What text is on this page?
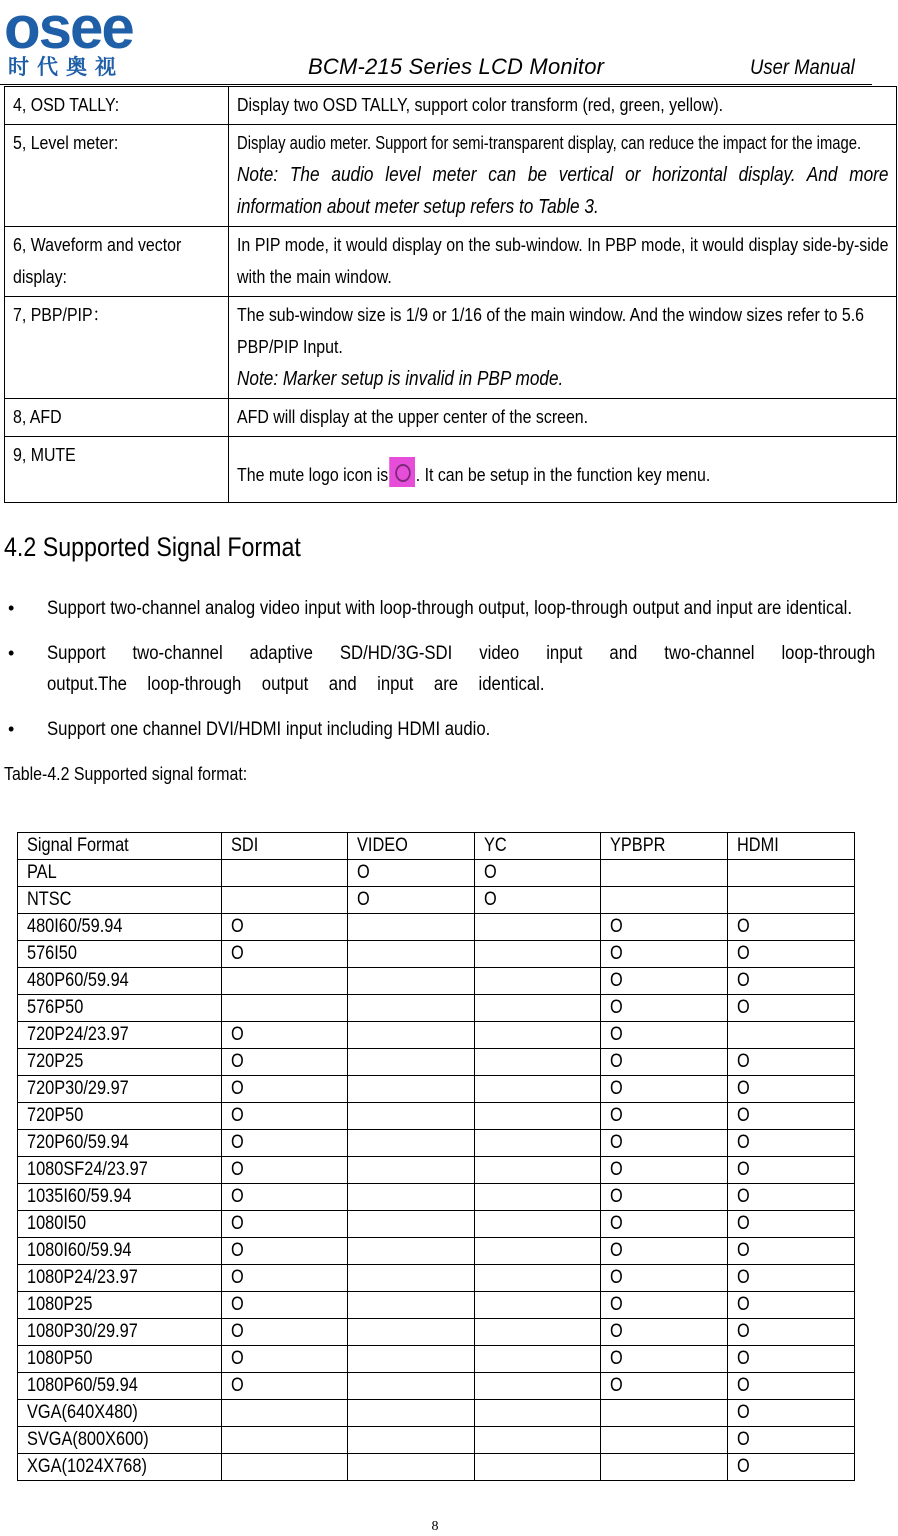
osee
时代奥视	BCM-215 Series LCD Monitor	User Manual
4, OSD TALLY:	Display two OSD TALLY, support color transform (red, green, yellow).
5, Level meter:	Display audio meter. Support for semi-transparent display, can reduce the impact for the image.
Note: The audio level meter can be vertical or horizontal display. And more information about meter setup refers to Table 3.
6, Waveform and vector display:	In PIP mode, it would display on the sub-window. In PBP mode, it would display side-by-side with the main window.
7, PBP/PIP：	The sub-window size is 1/9 or 1/16 of the main window. And the window sizes refer to 5.6 PBP/PIP Input.
Note: Marker setup is invalid in PBP mode.
8, AFD	AFD will display at the upper center of the screen.
9, MUTE	The mute logo icon is . It can be setup in the function key menu.
4.2 Supported Signal Format
• Support two-channel analog video input with loop-through output, loop-through output and input are identical.
• Support two-channel adaptive SD/HD/3G-SDI video input and two-channel loop-through output.The loop-through output and input are identical.
• Support one channel DVI/HDMI input including HDMI audio.
Table-4.2 Supported signal format:
Signal Format	SDI	VIDEO	YC	YPBPR	HDMI
PAL		O	O		
NTSC		O	O		
480I60/59.94	O			O	O
576I50	O			O	O
480P60/59.94				O	O
576P50				O	O
720P24/23.97	O			O	
720P25	O			O	O
720P30/29.97	O			O	O
720P50	O			O	O
720P60/59.94	O			O	O
1080SF24/23.97	O			O	O
1035I60/59.94	O			O	O
1080I50	O			O	O
1080I60/59.94	O			O	O
1080P24/23.97	O			O	O
1080P25	O			O	O
1080P30/29.97	O			O	O
1080P50	O			O	O
1080P60/59.94	O			O	O
VGA(640X480)					O
SVGA(800X600)					O
XGA(1024X768)					O
8
